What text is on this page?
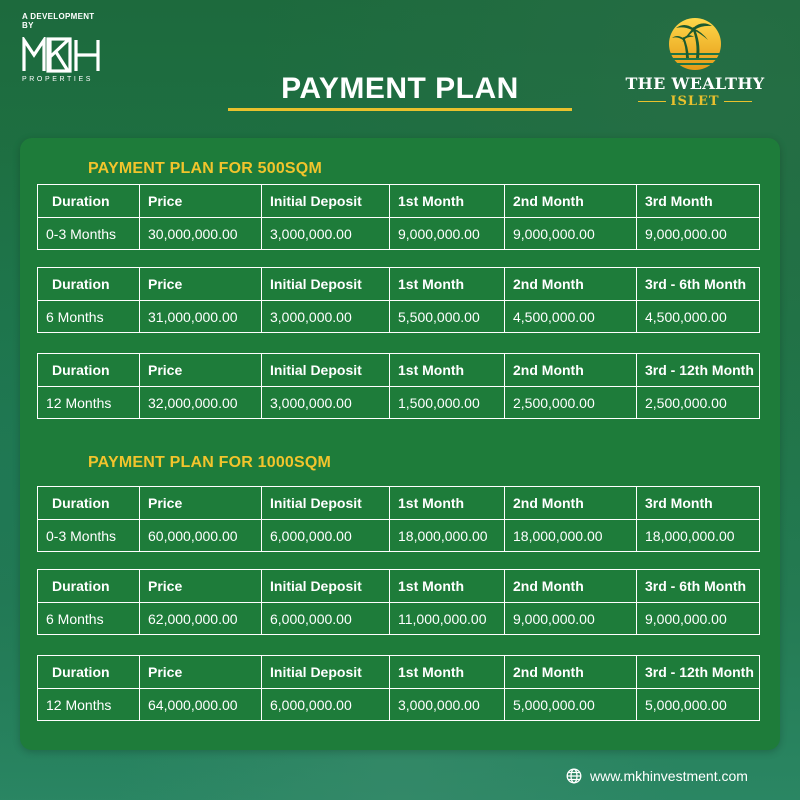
A DEVELOPMENT BY
PROPERTIES	THE WEALTHY
ISLET
PAYMENT PLAN
PAYMENT PLAN FOR 500SQM
Duration	Price	Initial Deposit	1st Month	2nd Month	3rd Month
0-3 Months	30,000,000.00	3,000,000.00	9,000,000.00	9,000,000.00	9,000,000.00
Duration	Price	Initial Deposit	1st Month	2nd Month	3rd - 6th Month
6 Months	31,000,000.00	3,000,000.00	5,500,000.00	4,500,000.00	4,500,000.00
Duration	Price	Initial Deposit	1st Month	2nd Month	3rd - 12th Month
12 Months	32,000,000.00	3,000,000.00	1,500,000.00	2,500,000.00	2,500,000.00
PAYMENT PLAN FOR 1000SQM
Duration	Price	Initial Deposit	1st Month	2nd Month	3rd Month
0-3 Months	60,000,000.00	6,000,000.00	18,000,000.00	18,000,000.00	18,000,000.00
Duration	Price	Initial Deposit	1st Month	2nd Month	3rd - 6th Month
6 Months	62,000,000.00	6,000,000.00	11,000,000.00	9,000,000.00	9,000,000.00
Duration	Price	Initial Deposit	1st Month	2nd Month	3rd - 12th Month
12 Months	64,000,000.00	6,000,000.00	3,000,000.00	5,000,000.00	5,000,000.00
www.mkhinvestment.com
